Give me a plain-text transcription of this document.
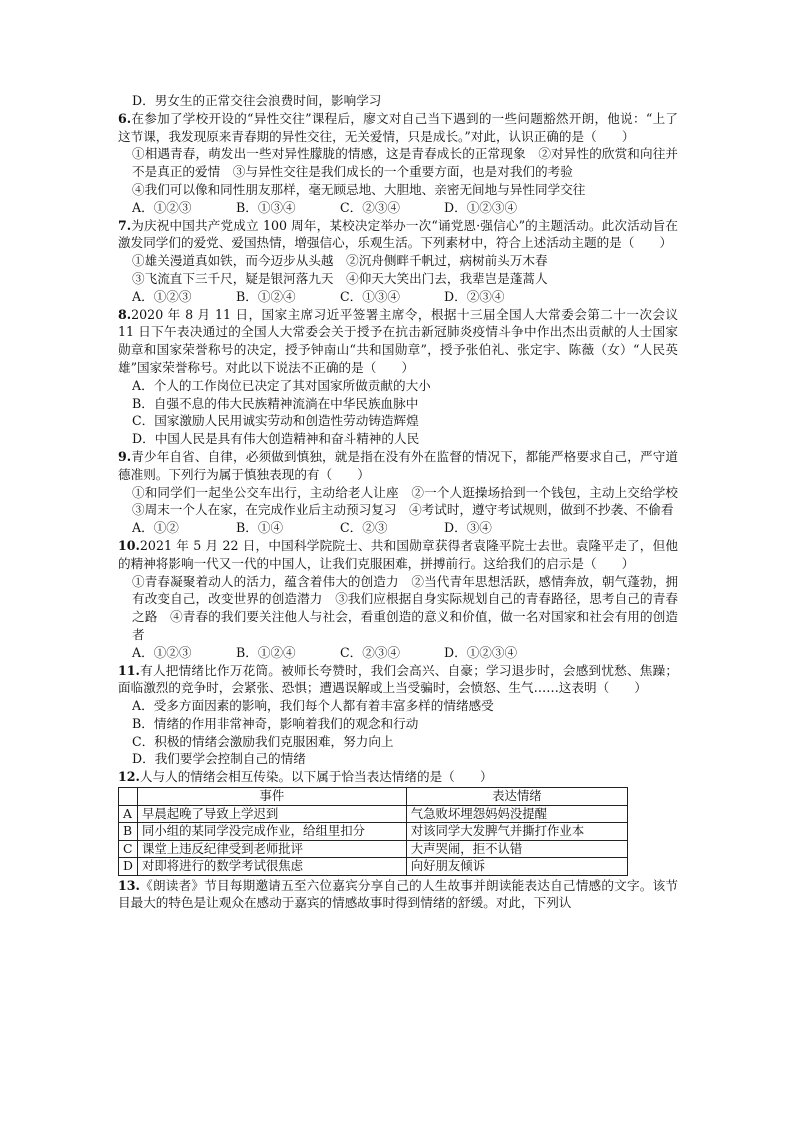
D．男女生的正常交往会浪费时间，影响学习

6.在参加了学校开设的“异性交往”课程后，廖文对自己当下遇到的一些问题豁然开朗，他说：“上了这节课，我发现原来青春期的异性交往，无关爱情，只是成长。”对此，认识正确的是（　　）

①相遇青春，萌发出一些对异性朦胧的情感，这是青春成长的正常现象　②对异性的欣赏和向往并不是真正的爱情　③与异性交往是我们成长的一个重要方面，也是对我们的考验

④我们可以像和同性朋友那样，毫无顾忌地、大胆地、亲密无间地与异性同学交往

A．①②③	B．①③④	C．②③④	D．①②③④

7.为庆祝中国共产党成立 100 周年，某校决定举办一次“诵党恩·强信心”的主题活动。此次活动旨在激发同学们的爱党、爱国热情，增强信心，乐观生活。下列素材中，符合上述活动主题的是（　　）

①雄关漫道真如铁，而今迈步从头越　②沉舟侧畔千帆过，病树前头万木春

③飞流直下三千尺，疑是银河落九天　④仰天大笑出门去，我辈岂是蓬蒿人

A．①②③	B．①②④	C．①③④	D．②③④

8.2020 年 8 月 11 日，国家主席习近平签署主席令，根据十三届全国人大常委会第二十一次会议 11 日下午表决通过的全国人大常委会关于授予在抗击新冠肺炎疫情斗争中作出杰出贡献的人士国家勋章和国家荣誉称号的决定，授予钟南山“共和国勋章”，授予张伯礼、张定宇、陈薇（女）“人民英雄”国家荣誉称号。对此以下说法不正确的是（　　）

A．个人的工作岗位已决定了其对国家所做贡献的大小

B．自强不息的伟大民族精神流淌在中华民族血脉中

C．国家激励人民用诚实劳动和创造性劳动铸造辉煌

D．中国人民是具有伟大创造精神和奋斗精神的人民

9.青少年自省、自律，必须做到慎独，就是指在没有外在监督的情况下，都能严格要求自己，严守道德准则。下列行为属于慎独表现的有（　　）

①和同学们一起坐公交车出行，主动给老人让座　②一个人逛操场拾到一个钱包，主动上交给学校　③周末一个人在家，在完成作业后主动预习复习　④考试时，遵守考试规则，做到不抄袭、不偷看

A．①②	B．①④	C．②③	D．③④

10.2021 年 5 月 22 日，中国科学院院士、共和国勋章获得者袁隆平院士去世。袁隆平走了，但他的精神将影响一代又一代的中国人，让我们克服困难，拼搏前行。这给我们的启示是（　　）

①青春凝聚着动人的活力，蕴含着伟大的创造力　②当代青年思想活跃，感情奔放，朝气蓬勃，拥有改变自己，改变世界的创造潜力　③我们应根据自身实际规划自己的青春路径，思考自己的青春之路　④青春的我们要关注他人与社会，看重创造的意义和价值，做一名对国家和社会有用的创造者

A．①②③	B．①②④	C．②③④	D．①②③④

11.有人把情绪比作万花筒。被师长夸赞时，我们会高兴、自豪；学习退步时，会感到忧愁、焦躁；面临激烈的竞争时，会紧张、恐惧；遭遇误解或上当受骗时，会愤怒、生气……这表明（　　）

A．受多方面因素的影响，我们每个人都有着丰富多样的情绪感受

B．情绪的作用非常神奇，影响着我们的观念和行动

C．积极的情绪会激励我们克服困难，努力向上

D．我们要学会控制自己的情绪

12.人与人的情绪会相互传染。以下属于恰当表达情绪的是（　　）

	事件	表达情绪
A	早晨起晚了导致上学迟到	气急败坏埋怨妈妈没提醒
B	同小组的某同学没完成作业，给组里扣分	对该同学大发脾气并撕打作业本
C	课堂上违反纪律受到老师批评	大声哭闹，拒不认错
D	对即将进行的数学考试很焦虑	向好朋友倾诉

13.《朗读者》节目每期邀请五至六位嘉宾分享自己的人生故事并朗读能表达自己情感的文字。该节目最大的特色是让观众在感动于嘉宾的情感故事时得到情绪的舒缓。对此，下列认
